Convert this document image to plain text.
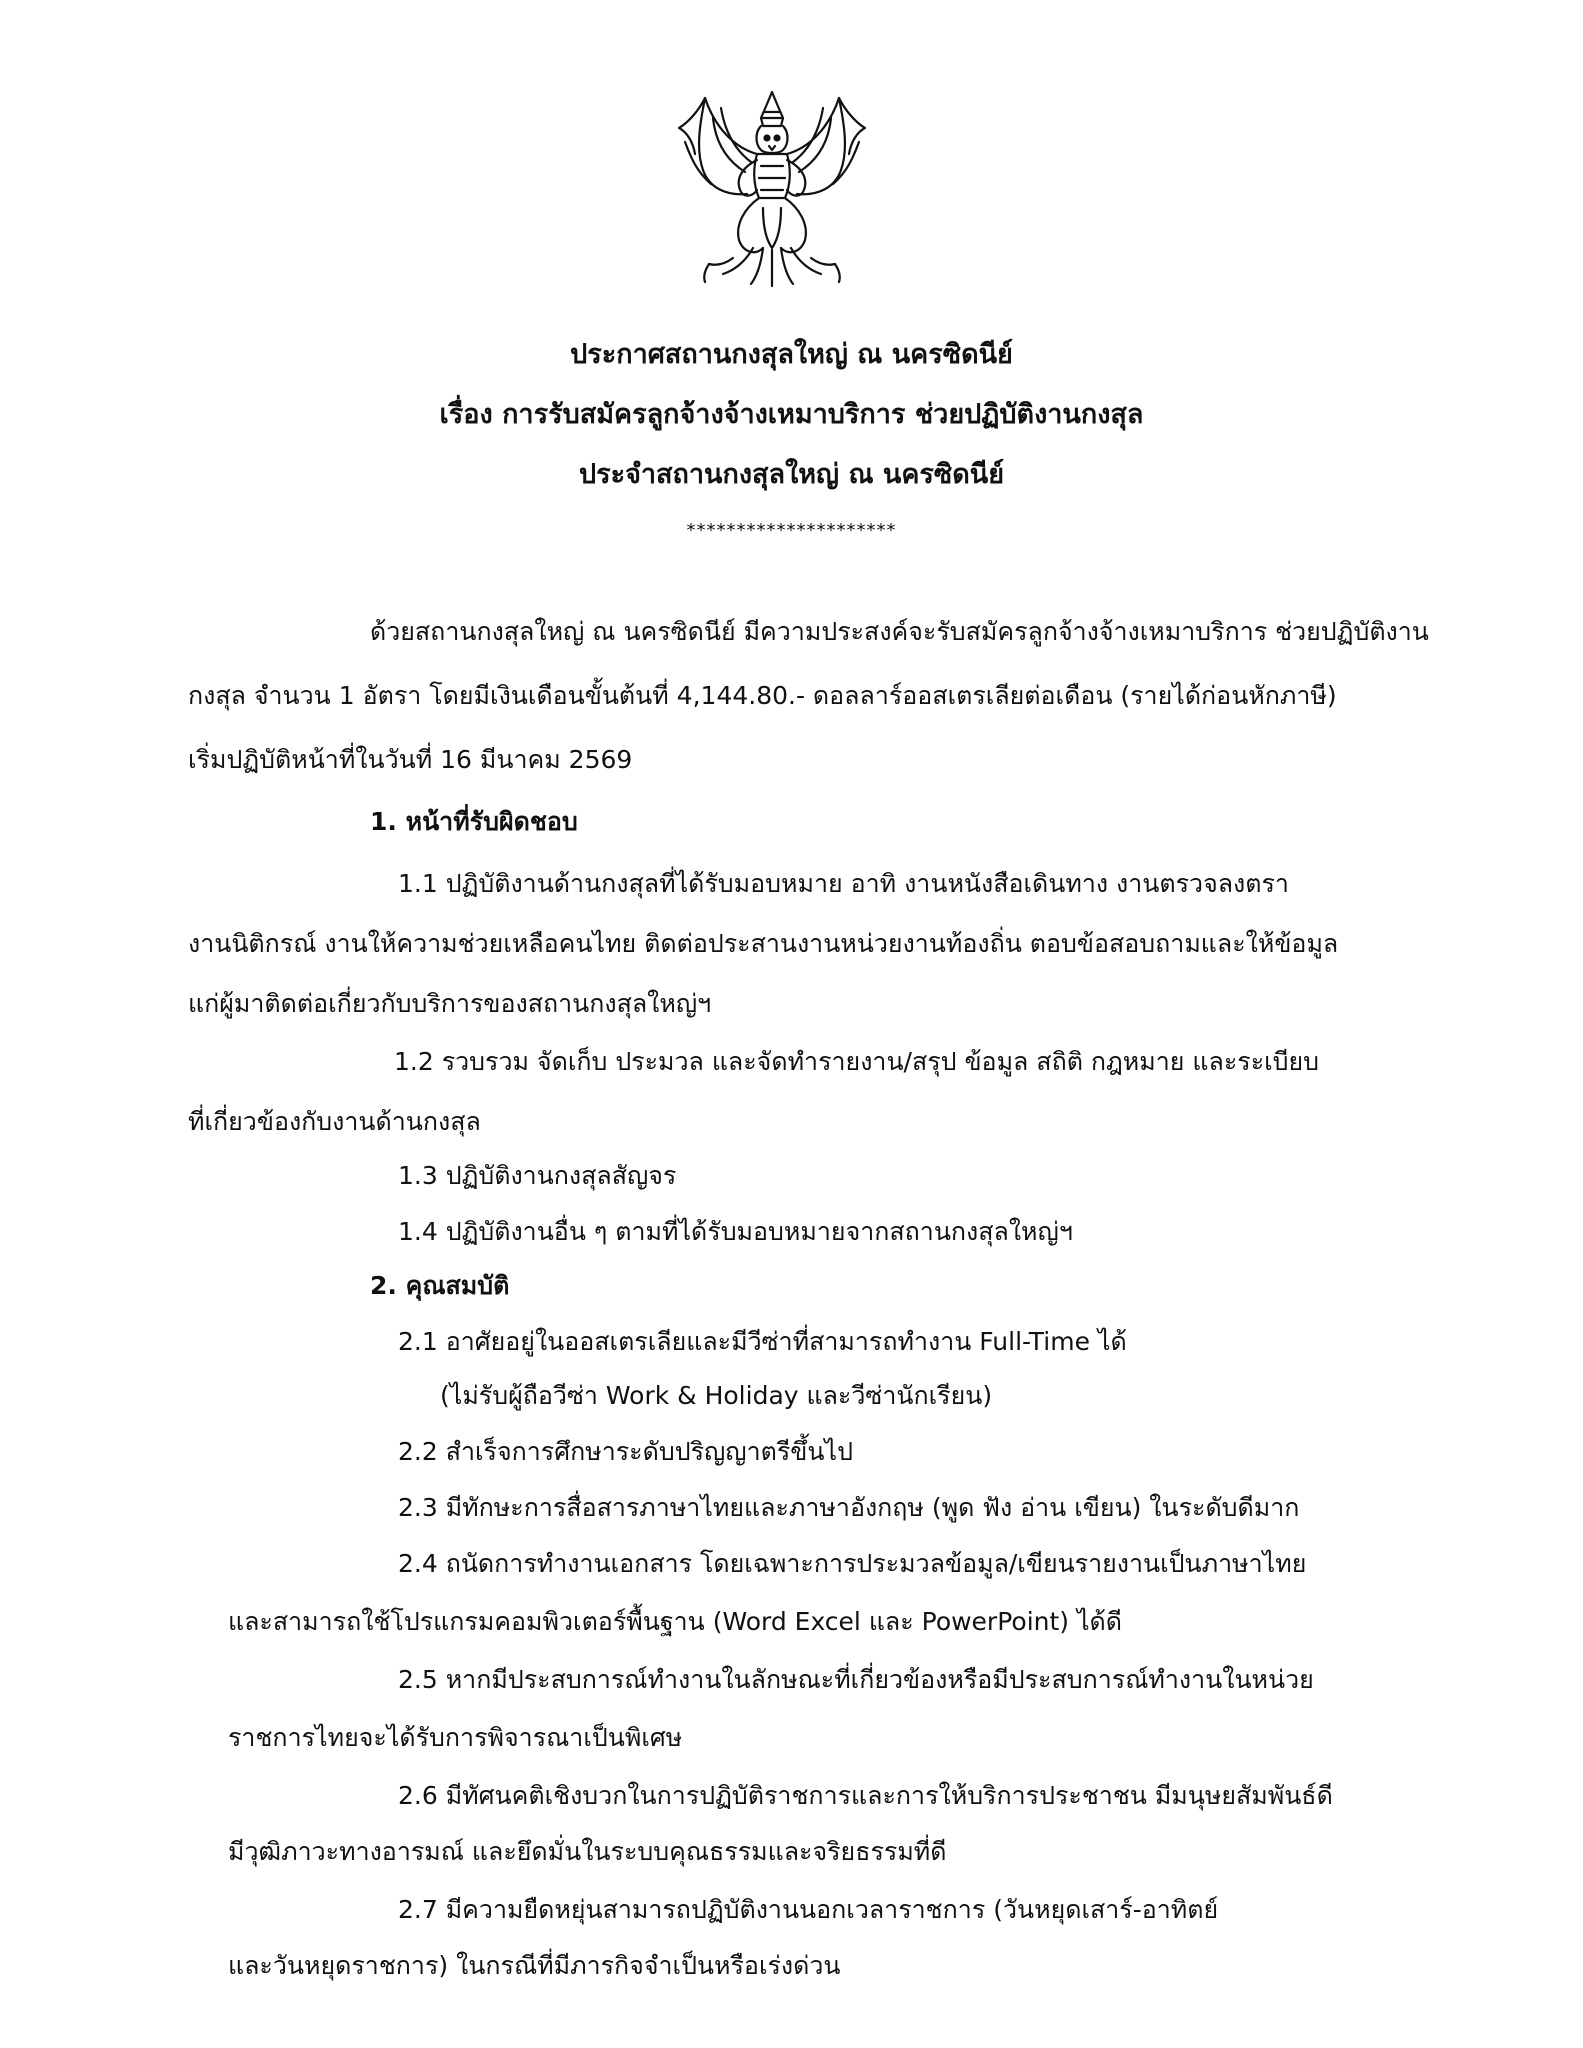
ประกาศสถานกงสุลใหญ่ ณ นครซิดนีย์
เรื่อง การรับสมัครลูกจ้างจ้างเหมาบริการ ช่วยปฏิบัติงานกงสุล
ประจำสถานกงสุลใหญ่ ณ นครซิดนีย์
*********************
ด้วยสถานกงสุลใหญ่ ณ นครซิดนีย์ มีความประสงค์จะรับสมัครลูกจ้างจ้างเหมาบริการ ช่วยปฏิบัติงาน
กงสุล จำนวน 1 อัตรา โดยมีเงินเดือนขั้นต้นที่ 4,144.80.- ดอลลาร์ออสเตรเลียต่อเดือน (รายได้ก่อนหักภาษี)
เริ่มปฏิบัติหน้าที่ในวันที่ 16 มีนาคม 2569
1. หน้าที่รับผิดชอบ
1.1 ปฏิบัติงานด้านกงสุลที่ได้รับมอบหมาย อาทิ งานหนังสือเดินทาง งานตรวจลงตรา
งานนิติกรณ์ งานให้ความช่วยเหลือคนไทย ติดต่อประสานงานหน่วยงานท้องถิ่น ตอบข้อสอบถามและให้ข้อมูล
แก่ผู้มาติดต่อเกี่ยวกับบริการของสถานกงสุลใหญ่ฯ
1.2 รวบรวม จัดเก็บ ประมวล และจัดทำรายงาน/สรุป ข้อมูล สถิติ กฎหมาย และระเบียบ
ที่เกี่ยวข้องกับงานด้านกงสุล
1.3 ปฏิบัติงานกงสุลสัญจร
1.4 ปฏิบัติงานอื่น ๆ ตามที่ได้รับมอบหมายจากสถานกงสุลใหญ่ฯ
2. คุณสมบัติ
2.1 อาศัยอยู่ในออสเตรเลียและมีวีซ่าที่สามารถทำงาน Full-Time ได้
(ไม่รับผู้ถือวีซ่า Work & Holiday และวีซ่านักเรียน)
2.2 สำเร็จการศึกษาระดับปริญญาตรีขึ้นไป
2.3 มีทักษะการสื่อสารภาษาไทยและภาษาอังกฤษ (พูด ฟัง อ่าน เขียน) ในระดับดีมาก
2.4 ถนัดการทำงานเอกสาร โดยเฉพาะการประมวลข้อมูล/เขียนรายงานเป็นภาษาไทย
และสามารถใช้โปรแกรมคอมพิวเตอร์พื้นฐาน (Word Excel และ PowerPoint) ได้ดี
2.5 หากมีประสบการณ์ทำงานในลักษณะที่เกี่ยวข้องหรือมีประสบการณ์ทำงานในหน่วย
ราชการไทยจะได้รับการพิจารณาเป็นพิเศษ
2.6 มีทัศนคติเชิงบวกในการปฏิบัติราชการและการให้บริการประชาชน มีมนุษยสัมพันธ์ดี
มีวุฒิภาวะทางอารมณ์ และยึดมั่นในระบบคุณธรรมและจริยธรรมที่ดี
2.7 มีความยืดหยุ่นสามารถปฏิบัติงานนอกเวลาราชการ (วันหยุดเสาร์-อาทิตย์
และวันหยุดราชการ) ในกรณีที่มีภารกิจจำเป็นหรือเร่งด่วน
